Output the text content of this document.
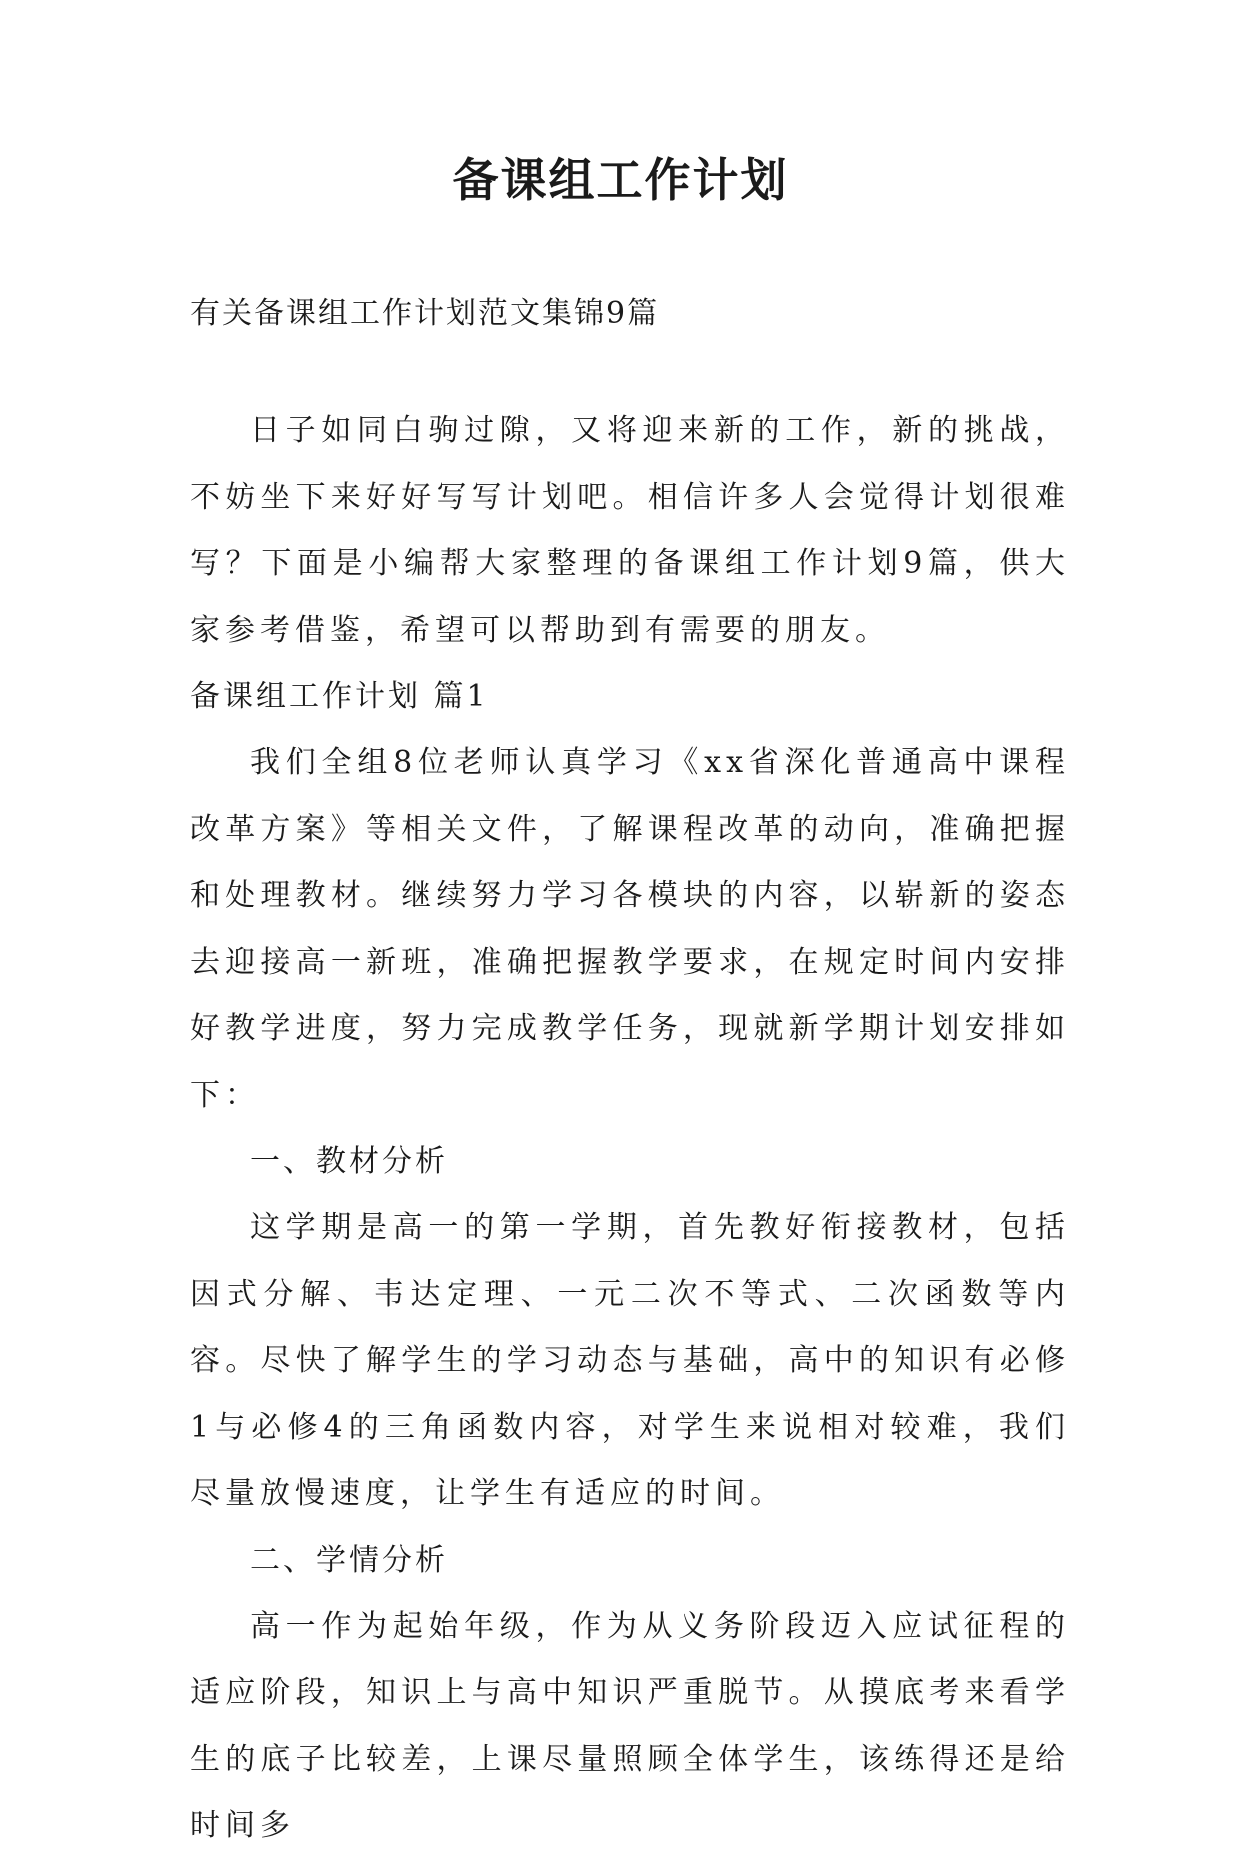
备课组工作计划

有关备课组工作计划范文集锦9篇

日子如同白驹过隙，又将迎来新的工作，新的挑战，不妨坐下来好好写写计划吧。相信许多人会觉得计划很难写？下面是小编帮大家整理的备课组工作计划9篇，供大家参考借鉴，希望可以帮助到有需要的朋友。

备课组工作计划 篇1

我们全组8位老师认真学习《xx省深化普通高中课程改革方案》等相关文件，了解课程改革的动向，准确把握和处理教材。继续努力学习各模块的内容，以崭新的姿态去迎接高一新班，准确把握教学要求，在规定时间内安排好教学进度，努力完成教学任务，现就新学期计划安排如下：

一、教材分析

这学期是高一的第一学期，首先教好衔接教材，包括因式分解、韦达定理、一元二次不等式、二次函数等内容。尽快了解学生的学习动态与基础，高中的知识有必修1与必修4的三角函数内容，对学生来说相对较难，我们尽量放慢速度，让学生有适应的时间。

二、学情分析

高一作为起始年级，作为从义务阶段迈入应试征程的适应阶段，知识上与高中知识严重脱节。从摸底考来看学生的底子比较差，上课尽量照顾全体学生，该练得还是给时间多
